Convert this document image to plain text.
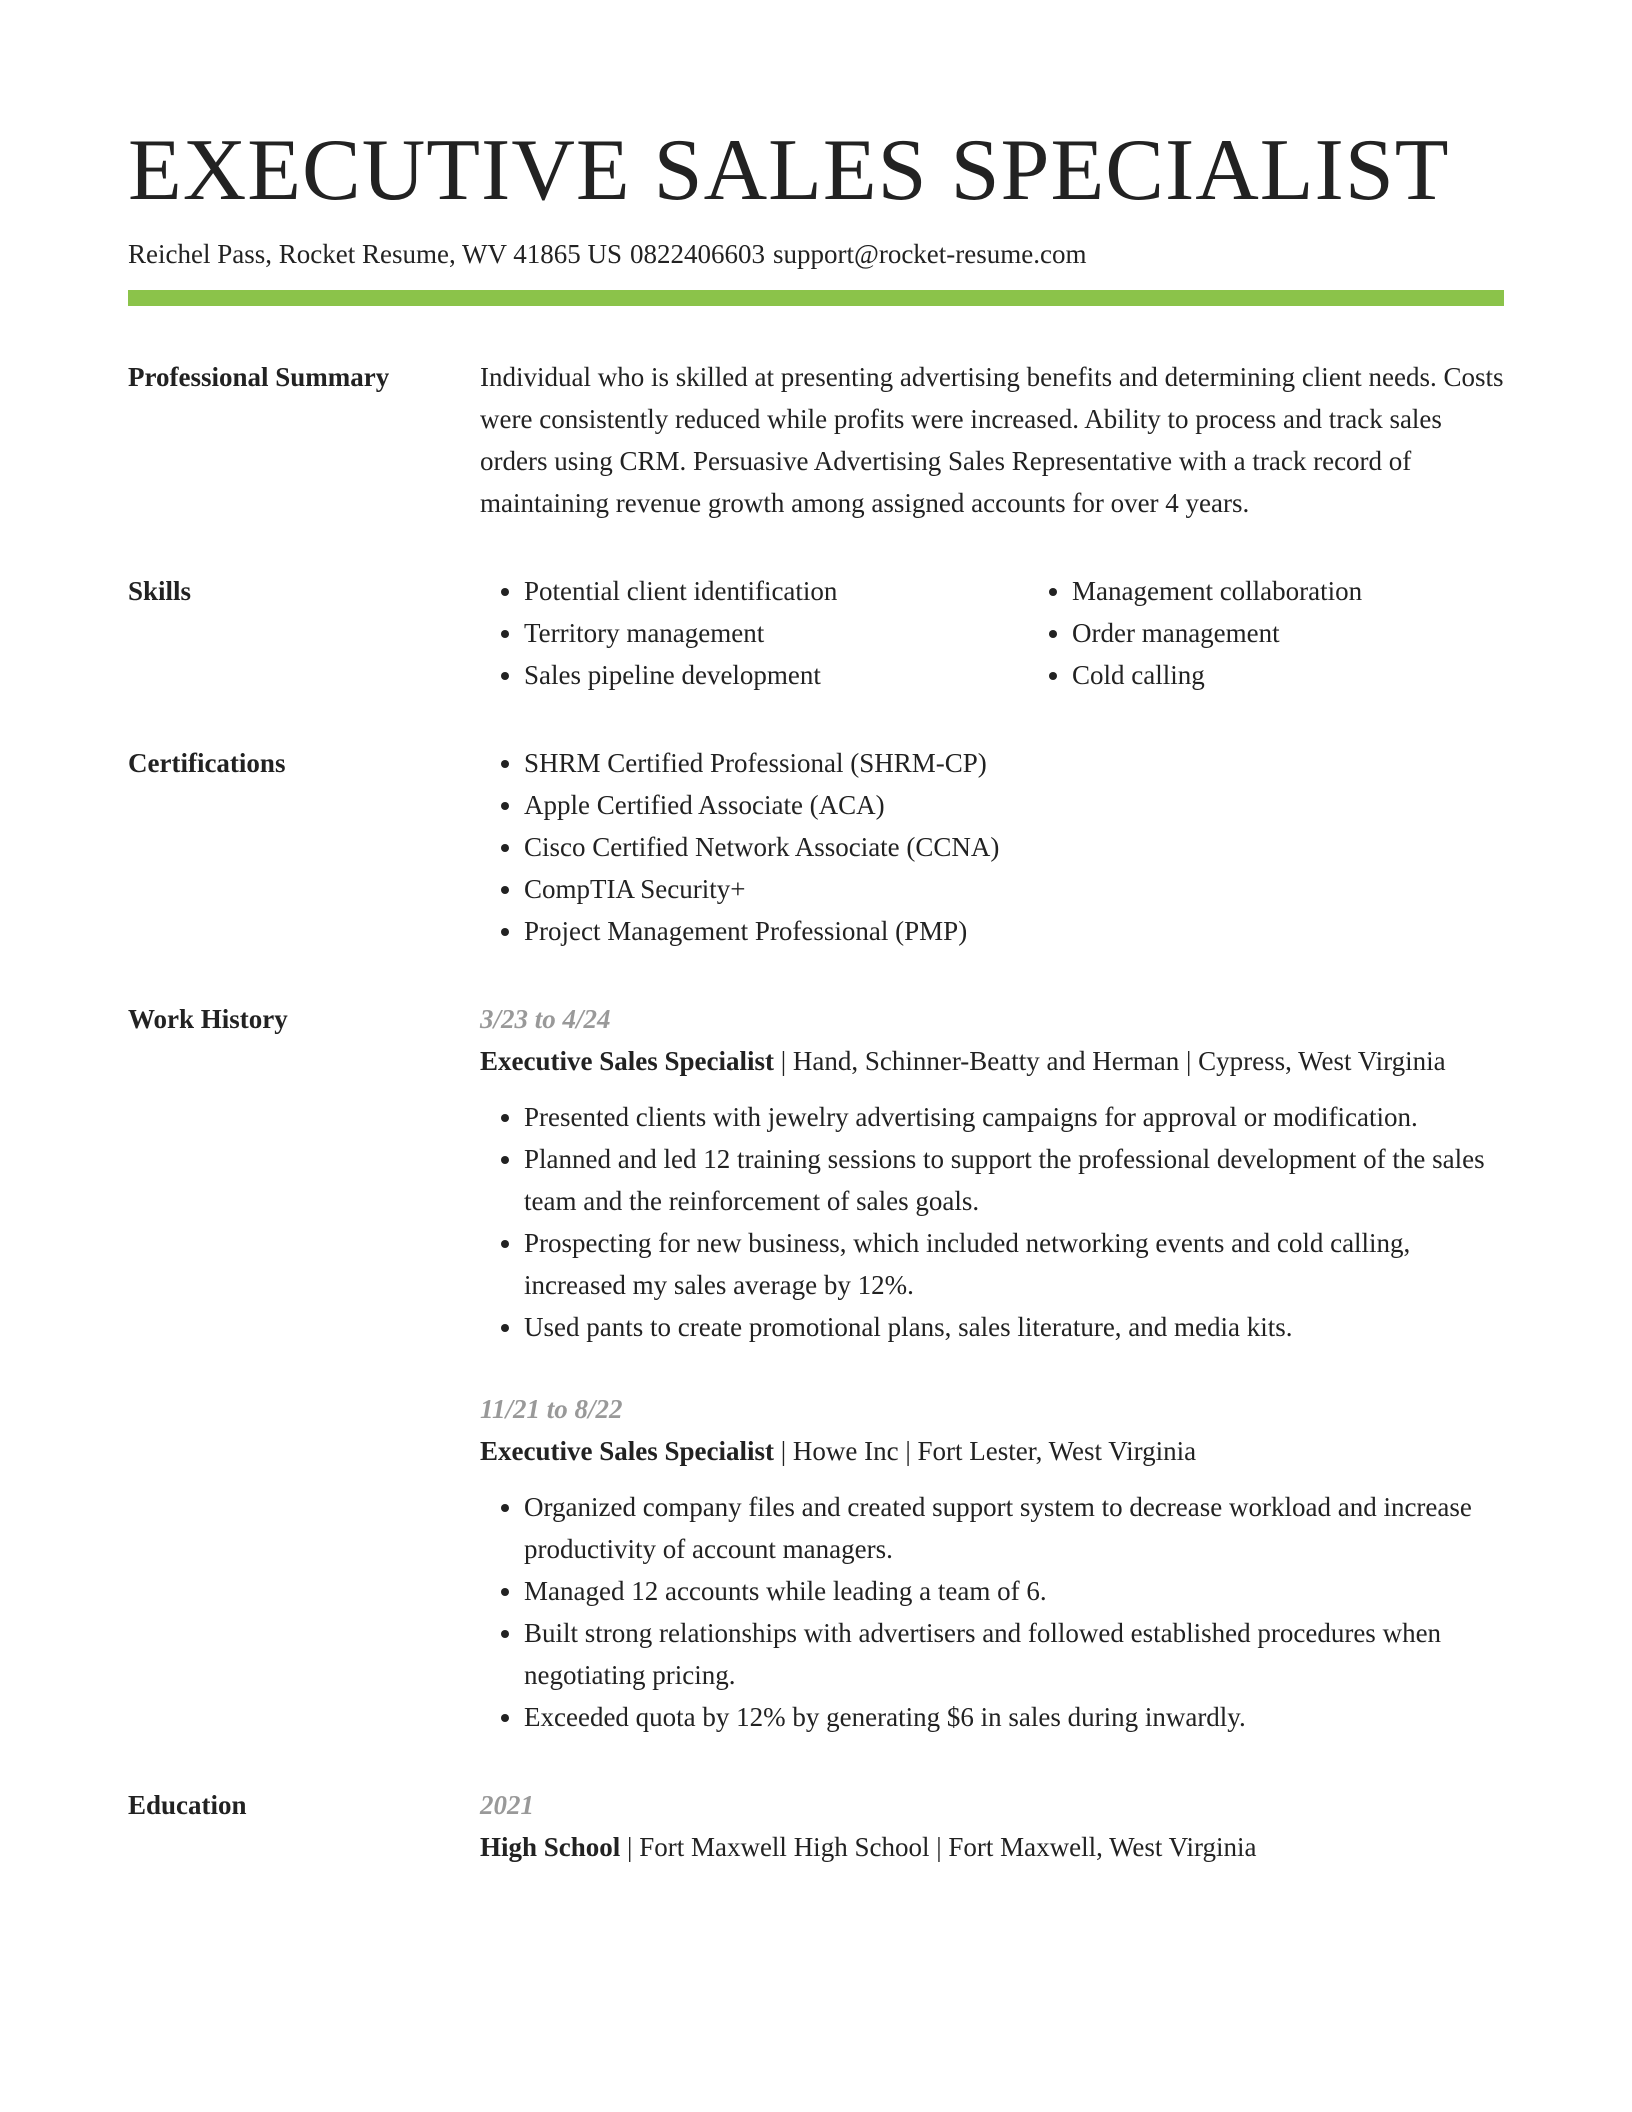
EXECUTIVE SALES SPECIALIST
Reichel Pass, Rocket Resume, WV 41865 US 0822406603 support@rocket-resume.com
Professional Summary	Individual who is skilled at presenting advertising benefits and determining client needs. Costs were consistently reduced while profits were increased. Ability to process and track sales orders using CRM. Persuasive Advertising Sales Representative with a track record of maintaining revenue growth among assigned accounts for over 4 years.

Skills	• Potential client identification
• Territory management
• Sales pipeline development
• Management collaboration
• Order management
• Cold calling
Certifications	• SHRM Certified Professional (SHRM-CP)
• Apple Certified Associate (ACA)
• Cisco Certified Network Associate (CCNA)
• CompTIA Security+
• Project Management Professional (PMP)
Work History	3/23 to 4/24
Executive Sales Specialist | Hand, Schinner-Beatty and Herman | Cypress, West Virginia
• Presented clients with jewelry advertising campaigns for approval or modification.
• Planned and led 12 training sessions to support the professional development of the sales team and the reinforcement of sales goals.
• Prospecting for new business, which included networking events and cold calling, increased my sales average by 12%.
• Used pants to create promotional plans, sales literature, and media kits.
11/21 to 8/22
Executive Sales Specialist | Howe Inc | Fort Lester, West Virginia
• Organized company files and created support system to decrease workload and increase productivity of account managers.
• Managed 12 accounts while leading a team of 6.
• Built strong relationships with advertisers and followed established procedures when negotiating pricing.
• Exceeded quota by 12% by generating $6 in sales during inwardly.
Education	2021
High School | Fort Maxwell High School | Fort Maxwell, West Virginia
